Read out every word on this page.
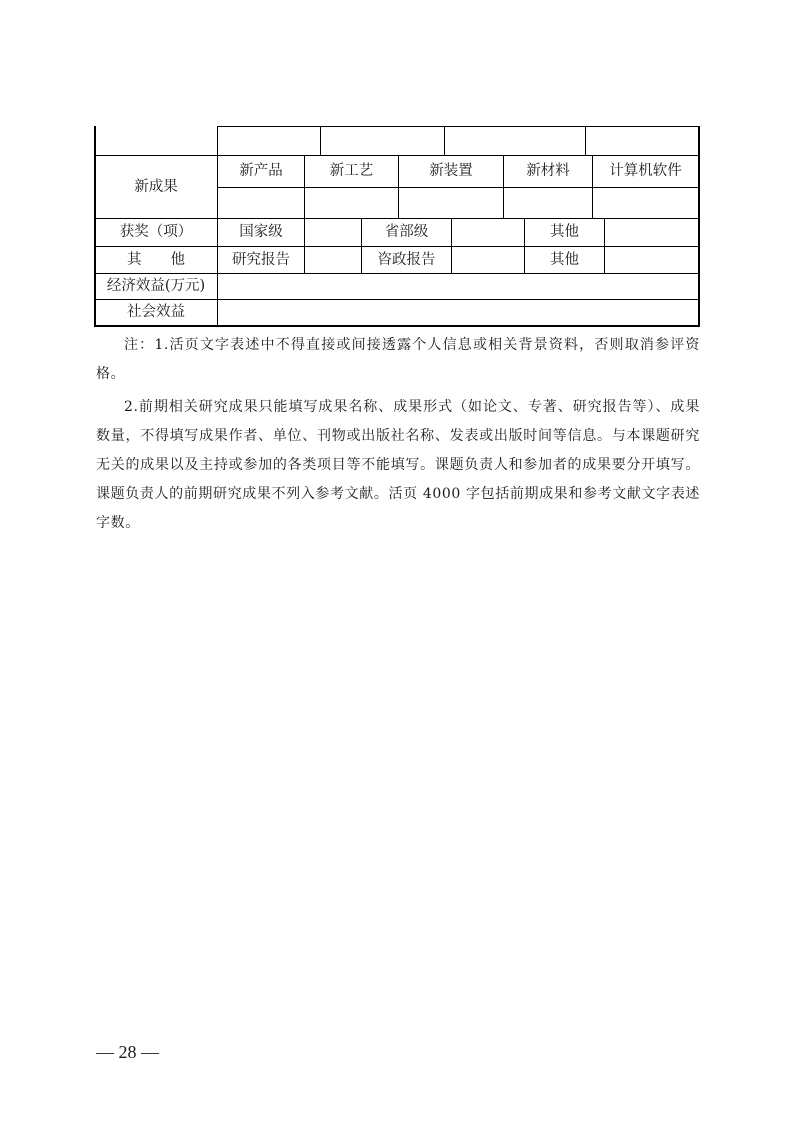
新成果
新产品	新工艺	新装置	新材料	计算机软件
获奖（项）	国家级	省部级	其他
其　　他	研究报告	咨政报告	其他
经济效益(万元)
社会效益

注：1.活页文字表述中不得直接或间接透露个人信息或相关背景资料，否则取消参评资格。

2.前期相关研究成果只能填写成果名称、成果形式（如论文、专著、研究报告等）、成果数量，不得填写成果作者、单位、刊物或出版社名称、发表或出版时间等信息。与本课题研究无关的成果以及主持或参加的各类项目等不能填写。课题负责人和参加者的成果要分开填写。课题负责人的前期研究成果不列入参考文献。活页 4000 字包括前期成果和参考文献文字表述字数。

— 28 —
